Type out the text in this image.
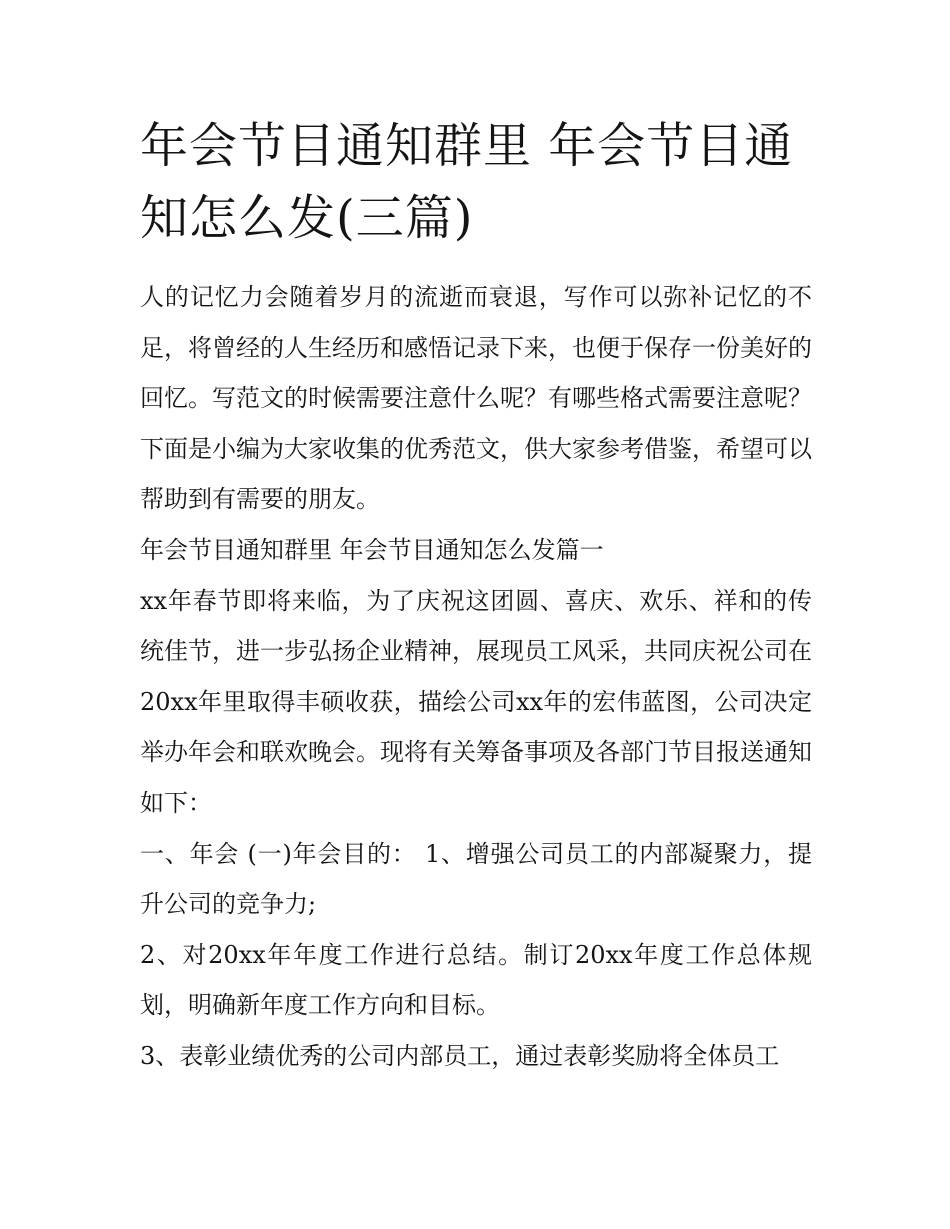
年会节目通知群里 年会节目通知怎么发(三篇)

人的记忆力会随着岁月的流逝而衰退，写作可以弥补记忆的不足，将曾经的人生经历和感悟记录下来，也便于保存一份美好的回忆。写范文的时候需要注意什么呢？有哪些格式需要注意呢？下面是小编为大家收集的优秀范文，供大家参考借鉴，希望可以帮助到有需要的朋友。

年会节目通知群里 年会节目通知怎么发篇一

xx年春节即将来临，为了庆祝这团圆、喜庆、欢乐、祥和的传统佳节，进一步弘扬企业精神，展现员工风采，共同庆祝公司在20xx年里取得丰硕收获，描绘公司xx年的宏伟蓝图，公司决定举办年会和联欢晚会。现将有关筹备事项及各部门节目报送通知如下：

一、年会 (一)年会目的： 1、增强公司员工的内部凝聚力，提升公司的竞争力;

2、对20xx年年度工作进行总结。制订20xx年度工作总体规划，明确新年度工作方向和目标。

3、表彰业绩优秀的公司内部员工，通过表彰奖励将全体员工
